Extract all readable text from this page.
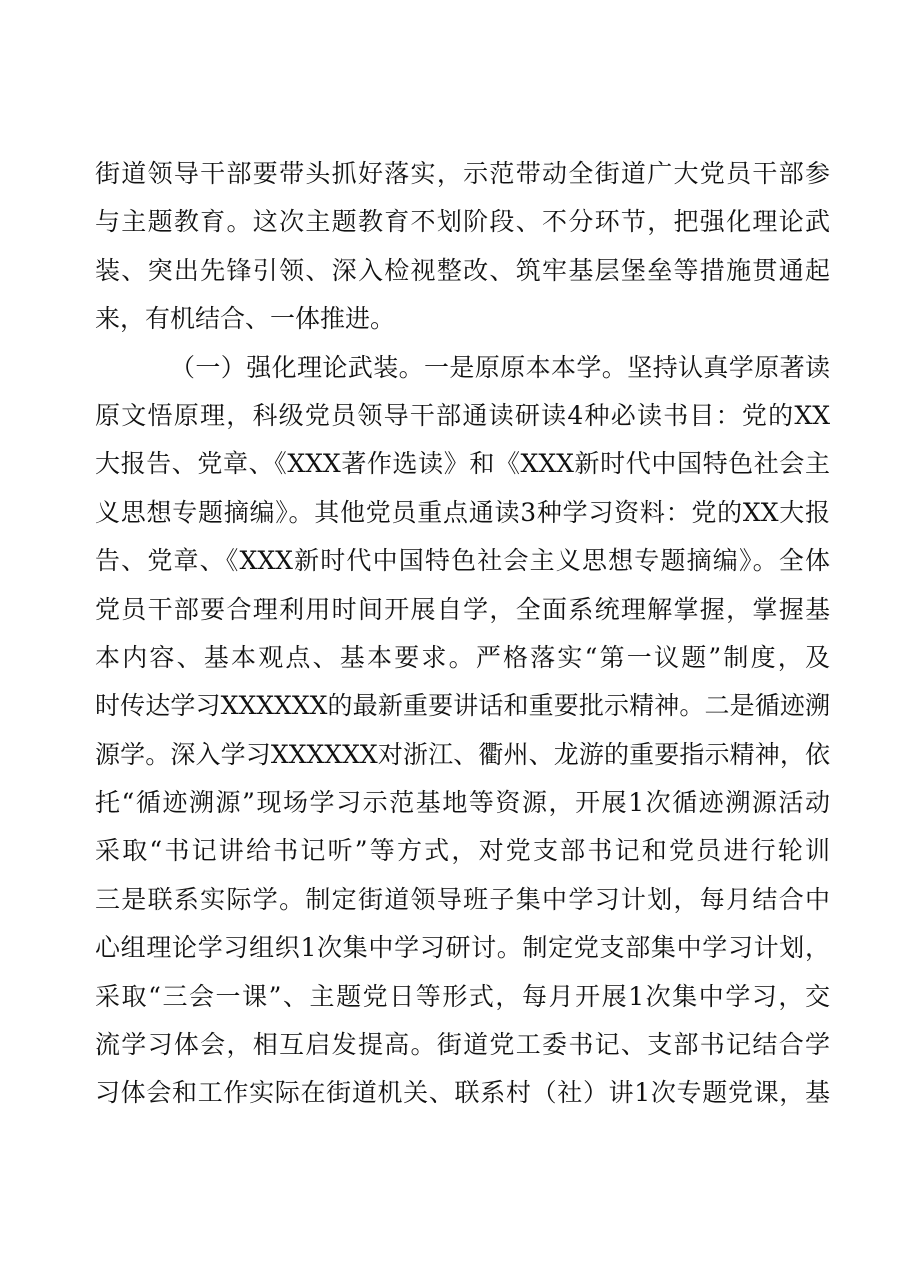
街道领导干部要带头抓好落实，示范带动全街道广大党员干部参
与主题教育。这次主题教育不划阶段、不分环节，把强化理论武
装、突出先锋引领、深入检视整改、筑牢基层堡垒等措施贯通起
来，有机结合、一体推进。
（一）强化理论武装。一是原原本本学。坚持认真学原著读
原文悟原理，科级党员领导干部通读研读4种必读书目：党的XX
大报告、党章、《XXX著作选读》和《XXX新时代中国特色社会主
义思想专题摘编》。其他党员重点通读3种学习资料：党的XX大报
告、党章、《XXX新时代中国特色社会主义思想专题摘编》。全体
党员干部要合理利用时间开展自学，全面系统理解掌握，掌握基
本内容、基本观点、基本要求。严格落实“第一议题”制度，及
时传达学习XXXXXX的最新重要讲话和重要批示精神。二是循迹溯
源学。深入学习XXXXXX对浙江、衢州、龙游的重要指示精神，依
托“循迹溯源”现场学习示范基地等资源，开展1次循迹溯源活动
采取“书记讲给书记听”等方式，对党支部书记和党员进行轮训
三是联系实际学。制定街道领导班子集中学习计划，每月结合中
心组理论学习组织1次集中学习研讨。制定党支部集中学习计划，
采取“三会一课”、主题党日等形式，每月开展1次集中学习，交
流学习体会，相互启发提高。街道党工委书记、支部书记结合学
习体会和工作实际在街道机关、联系村（社）讲1次专题党课，基
